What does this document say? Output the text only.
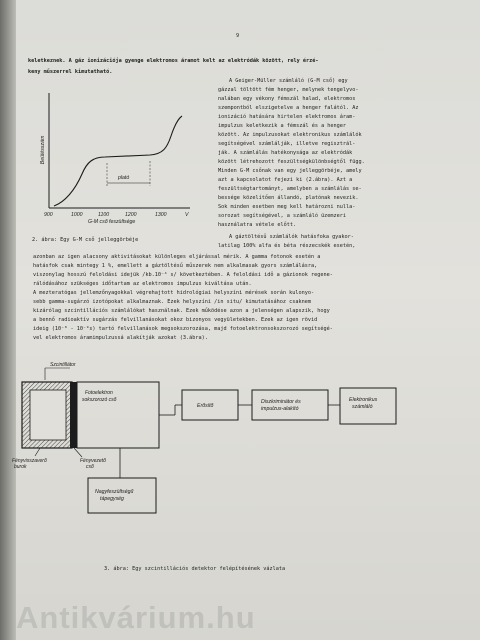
9
keletkeznek. A gáz ionizációja gyenge elektromos áramot kelt az elektródák között, rely érzé-
keny műszerrel kimutatható.
plató
Beütésszám
900	1000	1100	1200	1300	V
G-M cső feszültsége
2. ábra: Egy G-M cső jelleggörbéje
A Geiger-Müller számláló (G-M cső) egy
gázzal töltött fém henger, melynek tengelyvo-
nalában egy vékony fémszál halad, elektromos
szempontból elszigetelve a henger falától. Az
ionizáció hatására hirtelen elektromos áram-
impulzus keletkezik a fémszál és a henger
között. Az impulzusokat elektronikus számlálók
segítségével számlálják, illetve regisztrál-
ják. A számlálás hatékonysága az elektródák
között létrehozott feszültségkülönbségtől függ.
Minden G-M csőnak van egy jelleggörbéje, amely
azt a kapcsolatot fejezi ki (2.ábra). Azt a
feszültségtartományt, amelyben a számlálás se-
bessége közelítően állandó, platónak nevezik.
Sok minden esetben meg kell határozni nulla-
sorozat segítségével, a számláló üzemzeri
használatra vétele előtt.
A gáztöltésű számlálók hatásfoka gyakor-
latilag 100% alfa és béta részecskék esetén,
azonban az igen alacsony aktivitásokat különleges eljárással mérik. A gamma fotonok esetén a
hatásfok csak mintegy 1 %, emellett a gáztöltésű műszerek nem alkalmasak gyors számlálásra,
viszonylag hosszú feloldási idejük /kb.10⁻⁴ s/ következtében. A feloldási idő a gázionok regene-
rálódásához szükséges időtartam az elektromos impulzus kiváltása után.
A mezteratógas jellemzőnyagokkal végrehajtott hidrológiai helyszíni mérések során kulonyo-
sebb gamma-sugárzó izotópokat alkalmaznak. Ezek helyszíni /in situ/ kimutatásához csaknem
kizárólag szcintillációs számlálókat használnak. Ezek működése azon a jelenségen alapszik, hogy
a bennő radioaktív sugárzás felvillanásokat okoz bizonyos vegyületekben. Ezek az igen rövid
ideig (10⁻⁸ - 10⁻⁹s) tartó felvillanások megsokszorozása, majd fotoelektronsokszorozó segítségé-
vel elektromos áramimpulzussá alakítják azokat (3.ábra).
Szcintillátor
Fotoelektron
sokszorozó cső
Fényvisszaverő
burok
Fényvezető
cső
Erősítő
Diszkriminátor és
impulzus-alakító
Elektronikus
számláló
Nagyfeszültségű
tápegység
3. ábra: Egy szcintillációs detektor felépítésének vázlata
Antikvárium.hu
